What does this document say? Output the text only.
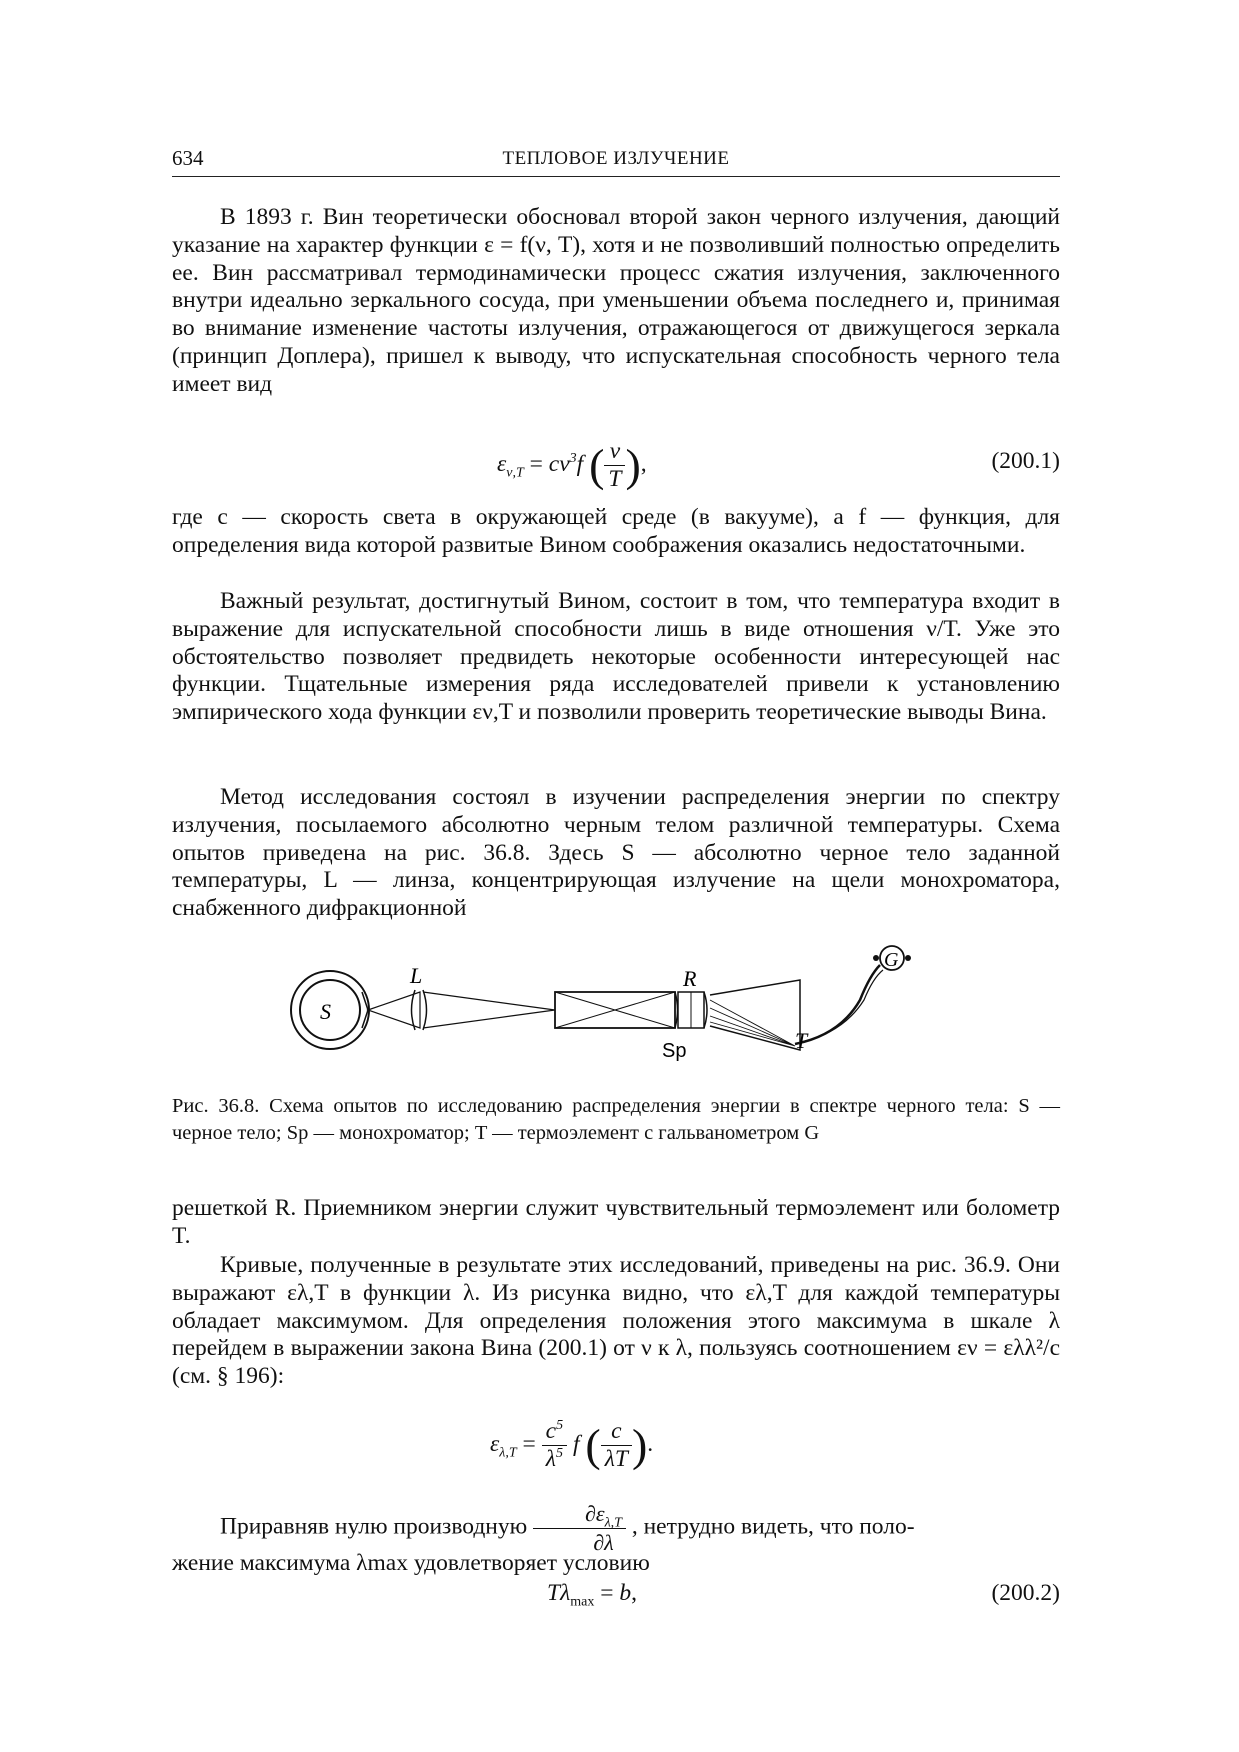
634	ТЕПЛОВОЕ ИЗЛУЧЕНИЕ

В 1893 г. Вин теоретически обосновал второй закон черного излучения, дающий указание на характер функции ε = f(ν, T), хотя и не позволивший полностью определить ее. Вин рассматривал термодинамически процесс сжатия излучения, заключенного внутри идеально зеркального сосуда, при уменьшении объема последнего и, принимая во внимание изменение частоты излучения, отражающегося от движущегося зеркала (принцип Доплера), пришел к выводу, что испускательная способность черного тела имеет вид

$\varepsilon_{\nu,T} = c\nu^3f$ ( $\frac{\nu}{T}$ ),	(200.1)

где c — скорость света в окружающей среде (в вакууме), а f — функция, для определения вида которой развитые Вином соображения оказались недостаточными.

Важный результат, достигнутый Вином, состоит в том, что температура входит в выражение для испускательной способности лишь в виде отношения ν/T. Уже это обстоятельство позволяет предвидеть некоторые особенности интересующей нас функции. Тщательные измерения ряда исследователей привели к установлению эмпирического хода функции εν,T и позволили проверить теоретические выводы Вина.

Метод исследования состоял в изучении распределения энергии по спектру излучения, посылаемого абсолютно черным телом различной температуры. Схема опытов приведена на рис. 36.8. Здесь S — абсолютно черное тело заданной температуры, L — линза, концентрирующая излучение на щели монохроматора, снабженного дифракционной

S
L	R
Sp
G
T
Рис. 36.8. Схема опытов по исследованию распределения энергии в спектре черного тела: S — черное тело; Sp — монохроматор; T — термоэлемент с гальванометром G

решеткой R. Приемником энергии служит чувствительный термоэлемент или болометр T.

Кривые, полученные в результате этих исследований, приведены на рис. 36.9. Они выражают ελ,T в функции λ. Из рисунка видно, что ελ,T для каждой температуры обладает максимумом. Для определения положения этого максимума в шкале λ перейдем в выражении закона Вина (200.1) от ν к λ, пользуясь соотношением εν = ελλ²/c (см. § 196):

$\varepsilon_{\lambda,T} = \frac{c^5}{\lambda^5}$ f ( $\frac{c}{\lambda T}$ ).

Приравняв нулю производную $\frac{\partial\varepsilon_{\lambda,T}}{\partial\lambda}$ , нетрудно видеть, что поло-

жение максимума λmax удовлетворяет условию

$T\lambda_{max} = b$,	(200.2)
